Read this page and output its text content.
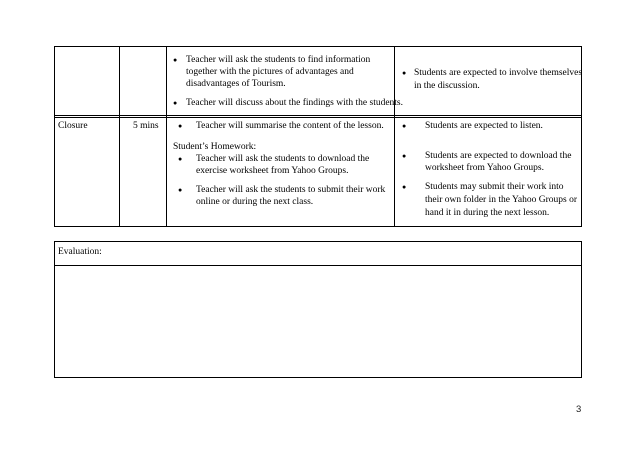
● Teacher will ask the students to find information
together with the pictures of advantages and
disadvantages of Tourism.
● Teacher will discuss about the findings with the students.
● Students are expected to involve themselves
in the discussion.
Closure	5 mins	● Teacher will summarise the content of the lesson.
Student’s Homework:
● Teacher will ask the students to download the
exercise worksheet from Yahoo Groups.
● Teacher will ask the students to submit their work
online or during the next class.
● Students are expected to listen.
● Students are expected to download the
worksheet from Yahoo Groups.
● Students may submit their work into
their own folder in the Yahoo Groups or
hand it in during the next lesson.
Evaluation:
3
